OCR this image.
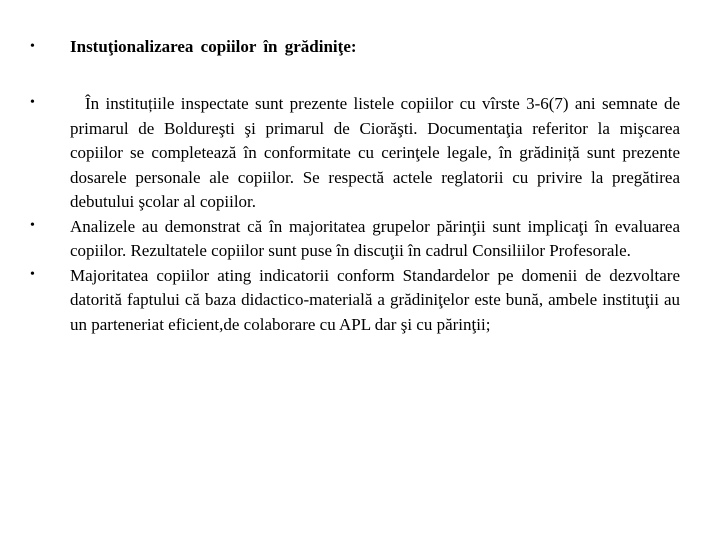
•	Instuţionalizarea copiilor în grădiniţe:
•	În instituțiile inspectate sunt prezente listele copiilor cu vîrste 3-6(7) ani semnate de primarul de Boldureşti şi primarul de Ciorăşti. Documentaţia referitor la mişcarea copiilor se completează în conformitate cu cerinţele legale, în grădiniță sunt prezente dosarele personale ale copiilor. Se respectă actele reglatorii cu privire la pregătirea debutului şcolar al copiilor.
•	Analizele au demonstrat că în majoritatea grupelor părinţii sunt implicaţi în evaluarea copiilor. Rezultatele copiilor sunt puse în discuţii în cadrul Consiliilor Profesorale.
•	Majoritatea copiilor ating indicatorii conform Standardelor pe domenii de dezvoltare datorită faptului că baza didactico-materială a grădiniţelor este bună, ambele instituţii au un parteneriat eficient,de colaborare cu APL dar şi cu părinţii;
